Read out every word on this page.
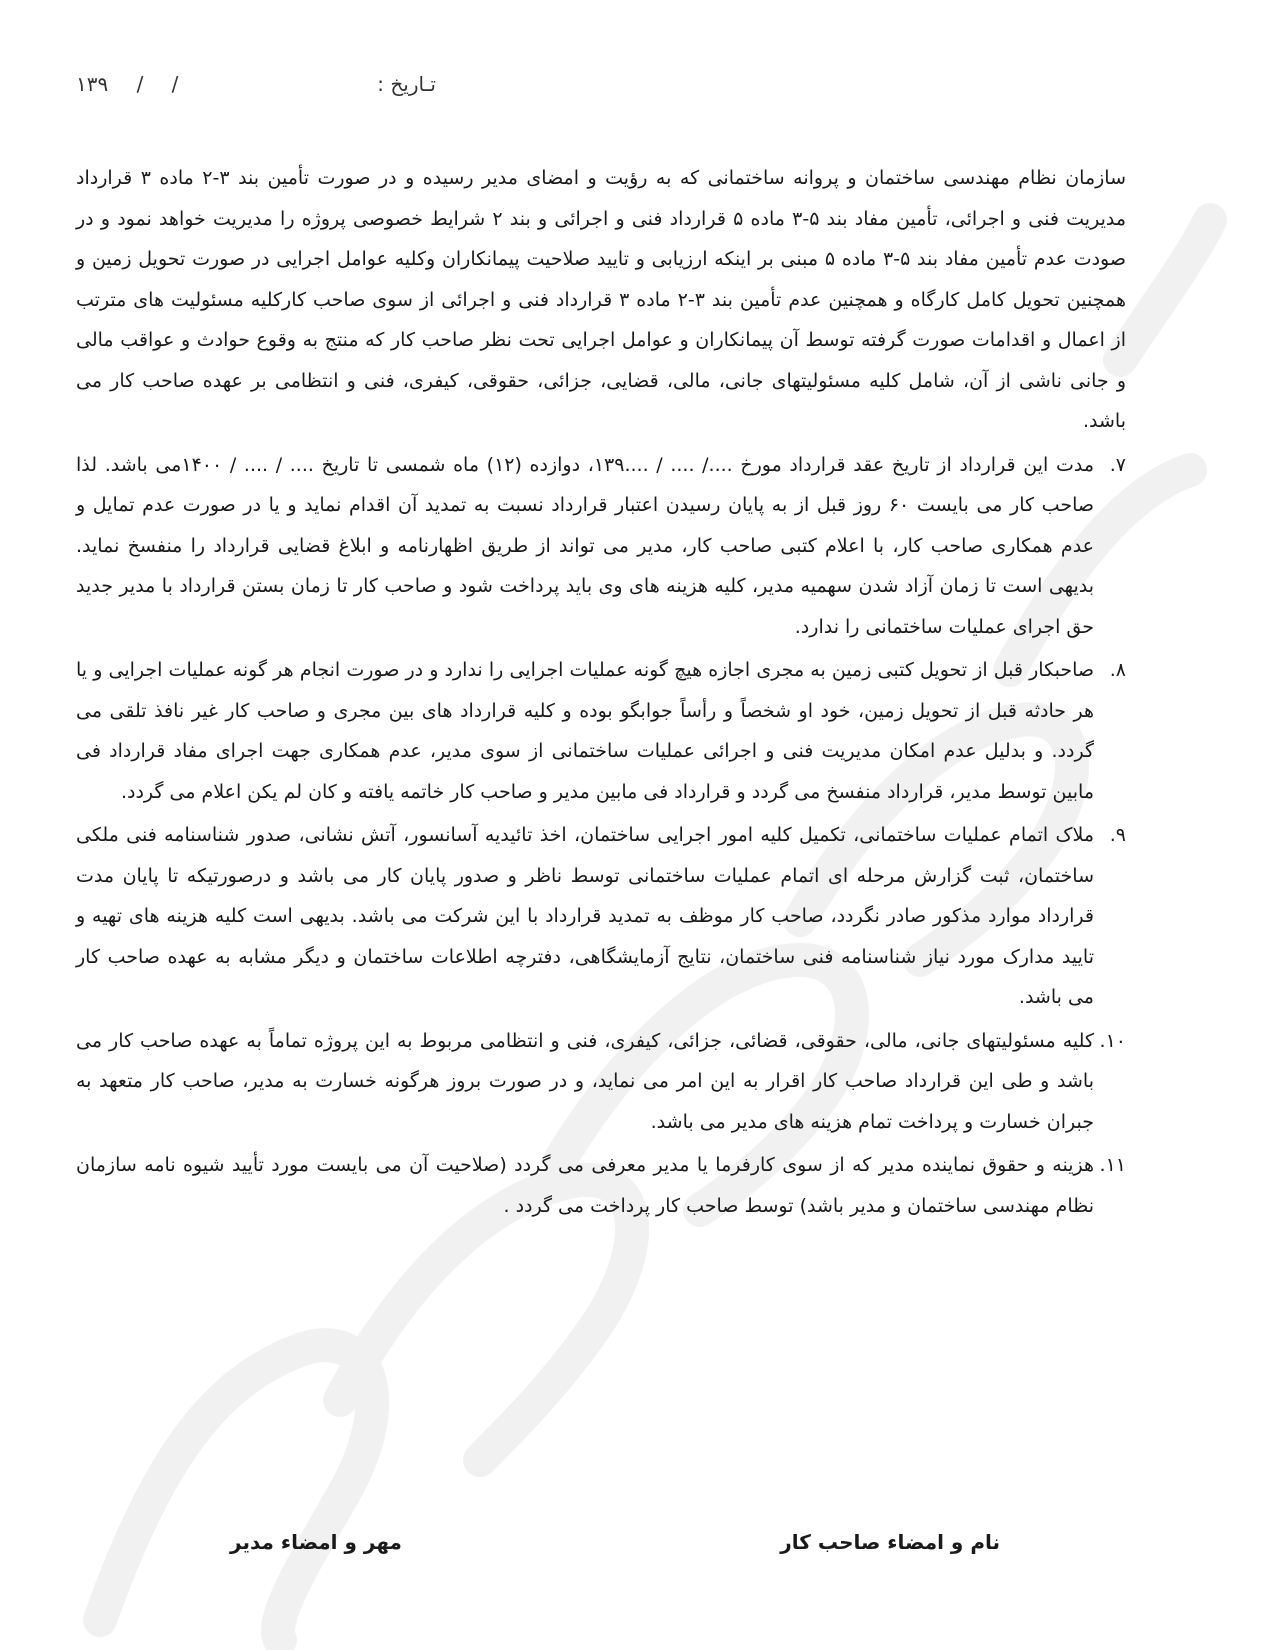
تـاریخ :
۱۳۹ / /

سازمان نظام مهندسی ساختمان و پروانه ساختمانی که به رؤیت و امضای مدیر رسیده و در صورت تأمین بند ۳-۲ ماده ۳ قرارداد مدیریت فنی و اجرائی، تأمین مفاد بند ۵-۳ ماده ۵ قرارداد فنی و اجرائی و بند ۲ شرایط خصوصی پروژه را مدیریت خواهد نمود و در صودت عدم تأمین مفاد بند ۵-۳ ماده ۵ مبنی بر اینکه ارزیابی و تایید صلاحیت پیمانکاران وکلیه عوامل اجرایی در صورت تحویل زمین و همچنین تحویل کامل کارگاه و همچنین عدم تأمین بند ۳-۲ ماده ۳ قرارداد فنی و اجرائی از سوی صاحب کارکلیه مسئولیت های مترتب از اعمال و اقدامات صورت گرفته توسط آن پیمانکاران و عوامل اجرایی تحت نظر صاحب کار که منتج به وقوع حوادث و عواقب مالی و جانی ناشی از آن، شامل کلیه مسئولیتهای جانی، مالی، قضایی، جزائی، حقوقی، کیفری، فنی و انتظامی بر عهده صاحب کار می باشد.

۷.
مدت این قرارداد از تاریخ عقد قرارداد مورخ ..../ .... / ....۱۳۹، دوازده (۱۲) ماه شمسی تا تاریخ .... / .... / ۱۴۰۰می باشد. لذا صاحب کار می بایست ۶۰ روز قبل از به پایان رسیدن اعتبار قرارداد نسبت به تمدید آن اقدام نماید و یا در صورت عدم تمایل و عدم همکاری صاحب کار، با اعلام کتبی صاحب کار، مدیر می تواند از طریق اظهارنامه و ابلاغ قضایی قرارداد را منفسخ نماید. بدیهی است تا زمان آزاد شدن سهمیه مدیر، کلیه هزینه های وی باید پرداخت شود و صاحب کار تا زمان بستن قرارداد با مدیر جدید حق اجرای عملیات ساختمانی را ندارد.
۸.
صاحبکار قبل از تحویل کتبی زمین به مجری اجازه هیچ گونه عملیات اجرایی را ندارد و در صورت انجام هر گونه عملیات اجرایی و یا هر حادثه قبل از تحویل زمین، خود او شخصاً و رأساً جوابگو بوده و کلیه قرارداد های بین مجری و صاحب کار غیر نافذ تلقی می گردد. و بدلیل عدم امکان مدیریت فنی و اجرائی عملیات ساختمانی از سوی مدیر، عدم همکاری جهت اجرای مفاد قرارداد فی مابین توسط مدیر، قرارداد منفسخ می گردد و قرارداد فی مابین مدیر و صاحب کار خاتمه یافته و کان لم یکن اعلام می گردد.
۹.
ملاک اتمام عملیات ساختمانی، تکمیل کلیه امور اجرایی ساختمان، اخذ تائیدیه آسانسور، آتش نشانی، صدور شناسنامه فنی ملکی ساختمان، ثبت گزارش مرحله ای اتمام عملیات ساختمانی توسط ناظر و صدور پایان کار می باشد و درصورتیکه تا پایان مدت قرارداد موارد مذکور صادر نگردد، صاحب کار موظف به تمدید قرارداد با این شرکت می باشد. بدیهی است کلیه هزینه های تهیه و تایید مدارک مورد نیاز شناسنامه فنی ساختمان، نتایج آزمایشگاهی، دفترچه اطلاعات ساختمان و دیگر مشابه به عهده صاحب کار می باشد.
۱۰.
کلیه مسئولیتهای جانی، مالی، حقوقی، قضائی، جزائی، کیفری، فنی و انتظامی مربوط به این پروژه تماماً به عهده صاحب کار می باشد و طی این قرارداد صاحب کار اقرار به این امر می نماید، و در صورت بروز هرگونه خسارت به مدیر، صاحب کار متعهد به جبران خسارت و پرداخت تمام هزینه های مدیر می باشد.
۱۱.
هزینه و حقوق نماینده مدیر که از سوی کارفرما یا مدیر معرفی می گردد (صلاحیت آن می بایست مورد تأیید شیوه نامه سازمان نظام مهندسی ساختمان و مدیر باشد) توسط صاحب کار پرداخت می گردد .
نام و امضاء صاحب کار
مهر و امضاء مدیر
